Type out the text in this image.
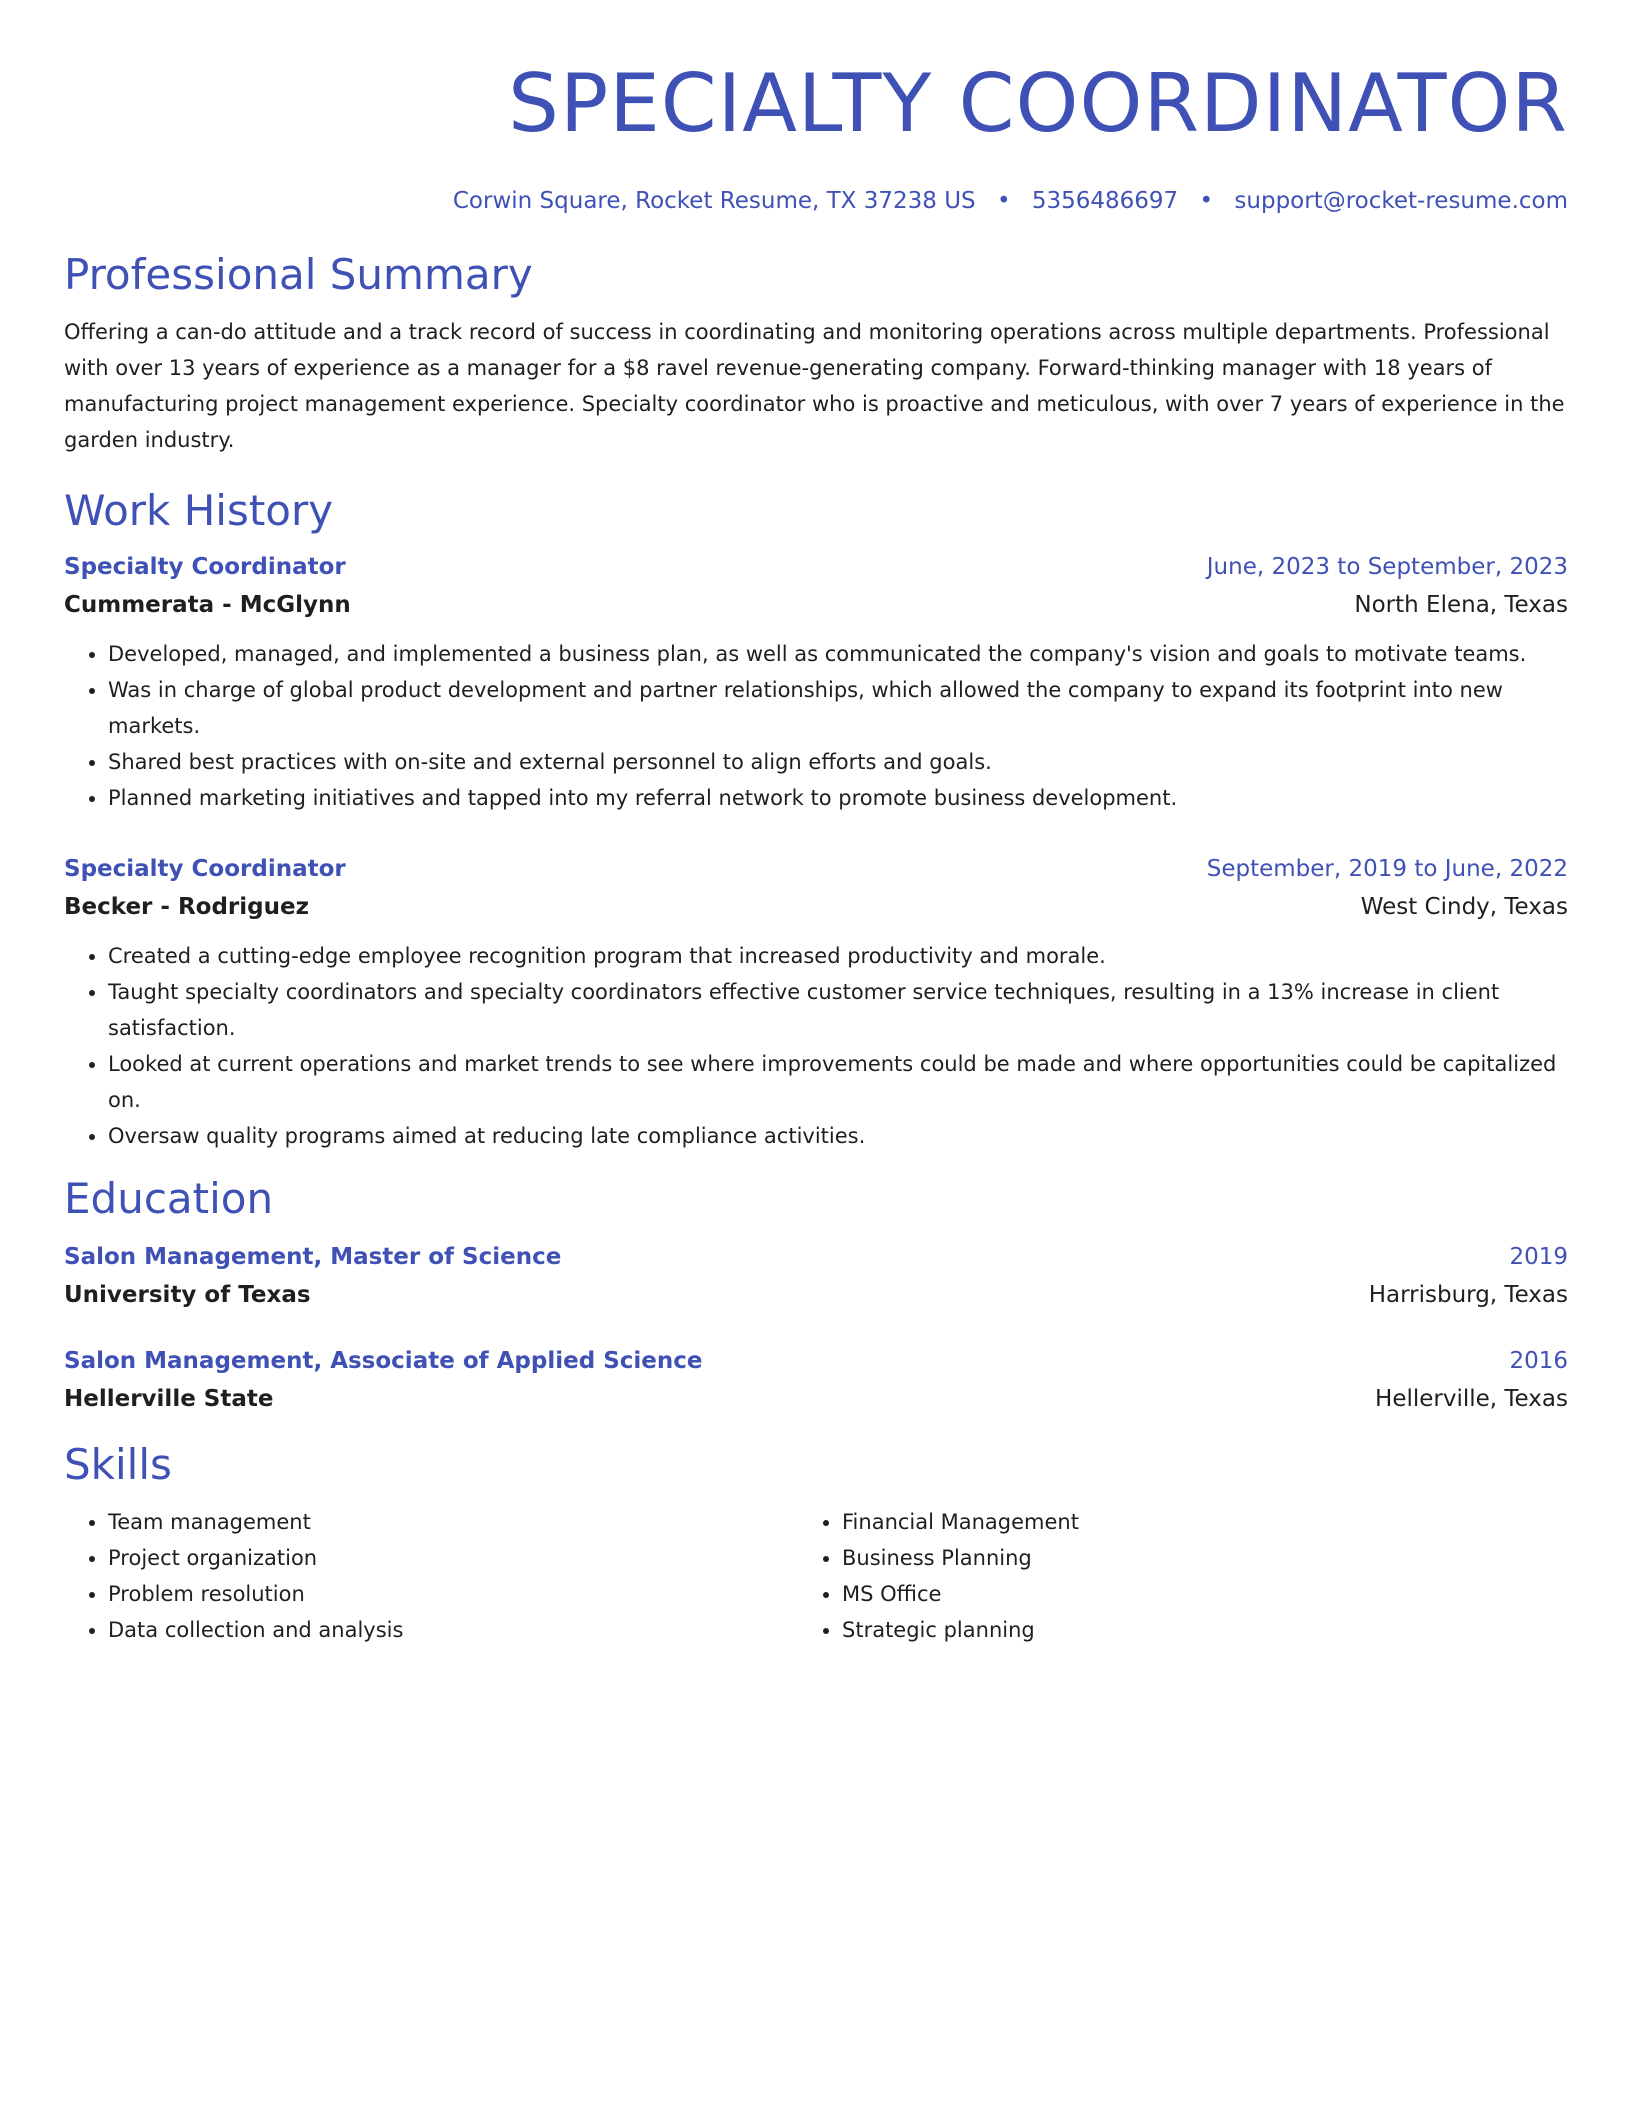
SPECIALTY COORDINATOR
Corwin Square, Rocket Resume, TX 37238 US • 5356486697 • support@rocket-resume.com
Professional Summary
Offering a can-do attitude and a track record of success in coordinating and monitoring operations across multiple departments. Professional with over 13 years of experience as a manager for a $8 ravel revenue-generating company. Forward-thinking manager with 18 years of manufacturing project management experience. Specialty coordinator who is proactive and meticulous, with over 7 years of experience in the garden industry.
Work History
Specialty Coordinator	June, 2023 to September, 2023
Cummerata - McGlynn	North Elena, Texas
• Developed, managed, and implemented a business plan, as well as communicated the company's vision and goals to motivate teams.
• Was in charge of global product development and partner relationships, which allowed the company to expand its footprint into new markets.
• Shared best practices with on-site and external personnel to align efforts and goals.
• Planned marketing initiatives and tapped into my referral network to promote business development.
Specialty Coordinator	September, 2019 to June, 2022
Becker - Rodriguez	West Cindy, Texas
• Created a cutting-edge employee recognition program that increased productivity and morale.
• Taught specialty coordinators and specialty coordinators effective customer service techniques, resulting in a 13% increase in client satisfaction.
• Looked at current operations and market trends to see where improvements could be made and where opportunities could be capitalized on.
• Oversaw quality programs aimed at reducing late compliance activities.
Education
Salon Management, Master of Science	2019
University of Texas	Harrisburg, Texas
Salon Management, Associate of Applied Science	2016
Hellerville State	Hellerville, Texas
Skills
• Team management
• Project organization
• Problem resolution
• Data collection and analysis
• Financial Management
• Business Planning
• MS Office
• Strategic planning
